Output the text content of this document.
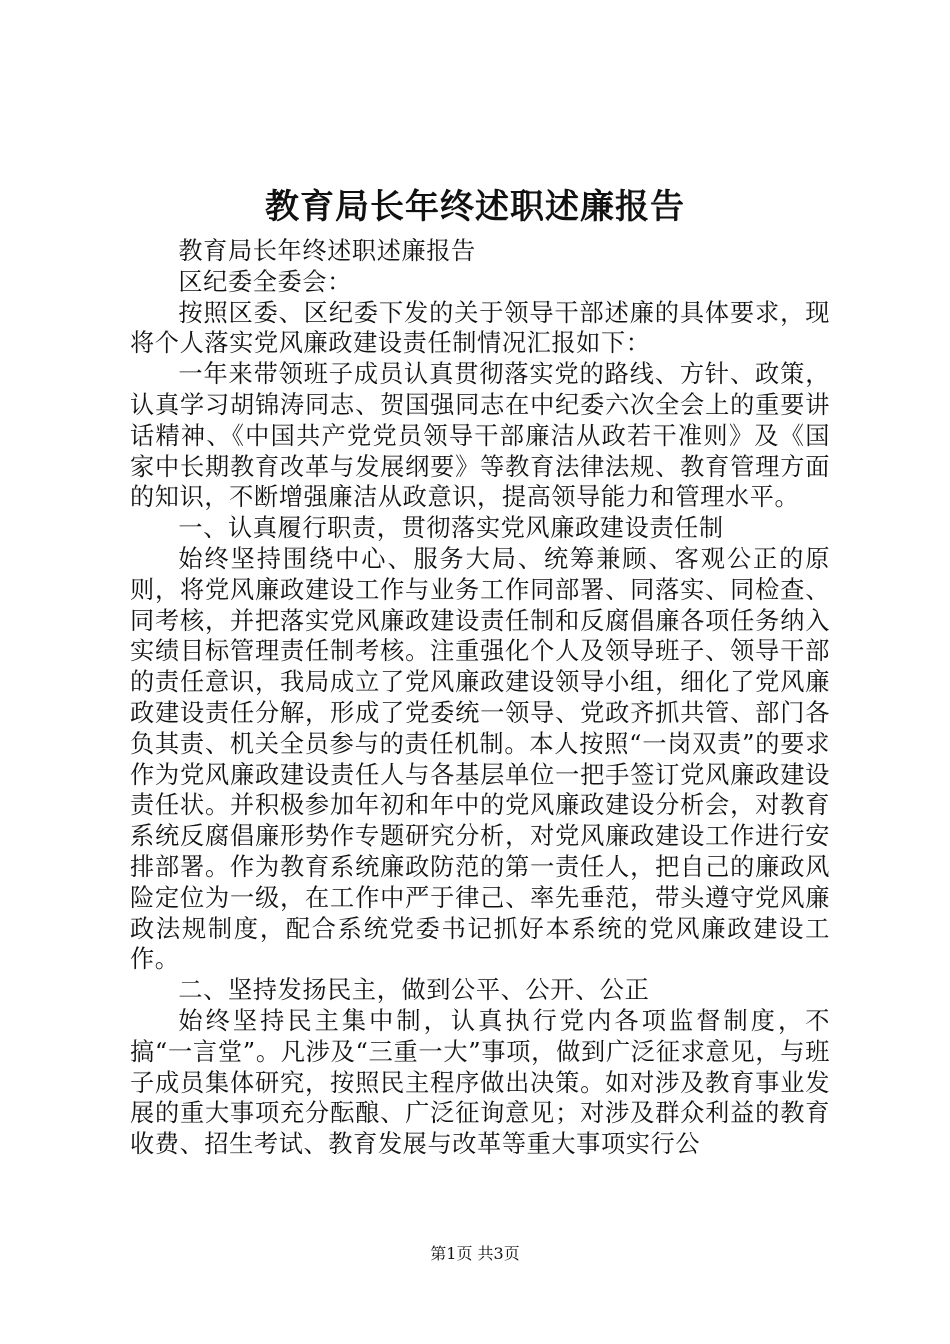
教育局长年终述职述廉报告

教育局长年终述职述廉报告

区纪委全委会：

按照区委、区纪委下发的关于领导干部述廉的具体要求，现将个人落实党风廉政建设责任制情况汇报如下：

一年来带领班子成员认真贯彻落实党的路线、方针、政策，认真学习胡锦涛同志、贺国强同志在中纪委六次全会上的重要讲话精神、《中国共产党党员领导干部廉洁从政若干准则》及《国家中长期教育改革与发展纲要》等教育法律法规、教育管理方面的知识，不断增强廉洁从政意识，提高领导能力和管理水平。

一、认真履行职责，贯彻落实党风廉政建设责任制

始终坚持围绕中心、服务大局、统筹兼顾、客观公正的原则，将党风廉政建设工作与业务工作同部署、同落实、同检查、同考核，并把落实党风廉政建设责任制和反腐倡廉各项任务纳入实绩目标管理责任制考核。注重强化个人及领导班子、领导干部的责任意识，我局成立了党风廉政建设领导小组，细化了党风廉政建设责任分解，形成了党委统一领导、党政齐抓共管、部门各负其责、机关全员参与的责任机制。本人按照“一岗双责”的要求作为党风廉政建设责任人与各基层单位一把手签订党风廉政建设责任状。并积极参加年初和年中的党风廉政建设分析会，对教育系统反腐倡廉形势作专题研究分析，对党风廉政建设工作进行安排部署。作为教育系统廉政防范的第一责任人，把自己的廉政风险定位为一级，在工作中严于律己、率先垂范，带头遵守党风廉政法规制度，配合系统党委书记抓好本系统的党风廉政建设工作。

二、坚持发扬民主，做到公平、公开、公正

始终坚持民主集中制，认真执行党内各项监督制度，不搞“一言堂”。凡涉及“三重一大”事项，做到广泛征求意见，与班子成员集体研究，按照民主程序做出决策。如对涉及教育事业发展的重大事项充分酝酿、广泛征询意见；对涉及群众利益的教育收费、招生考试、教育发展与改革等重大事项实行公

第1页 共3页
